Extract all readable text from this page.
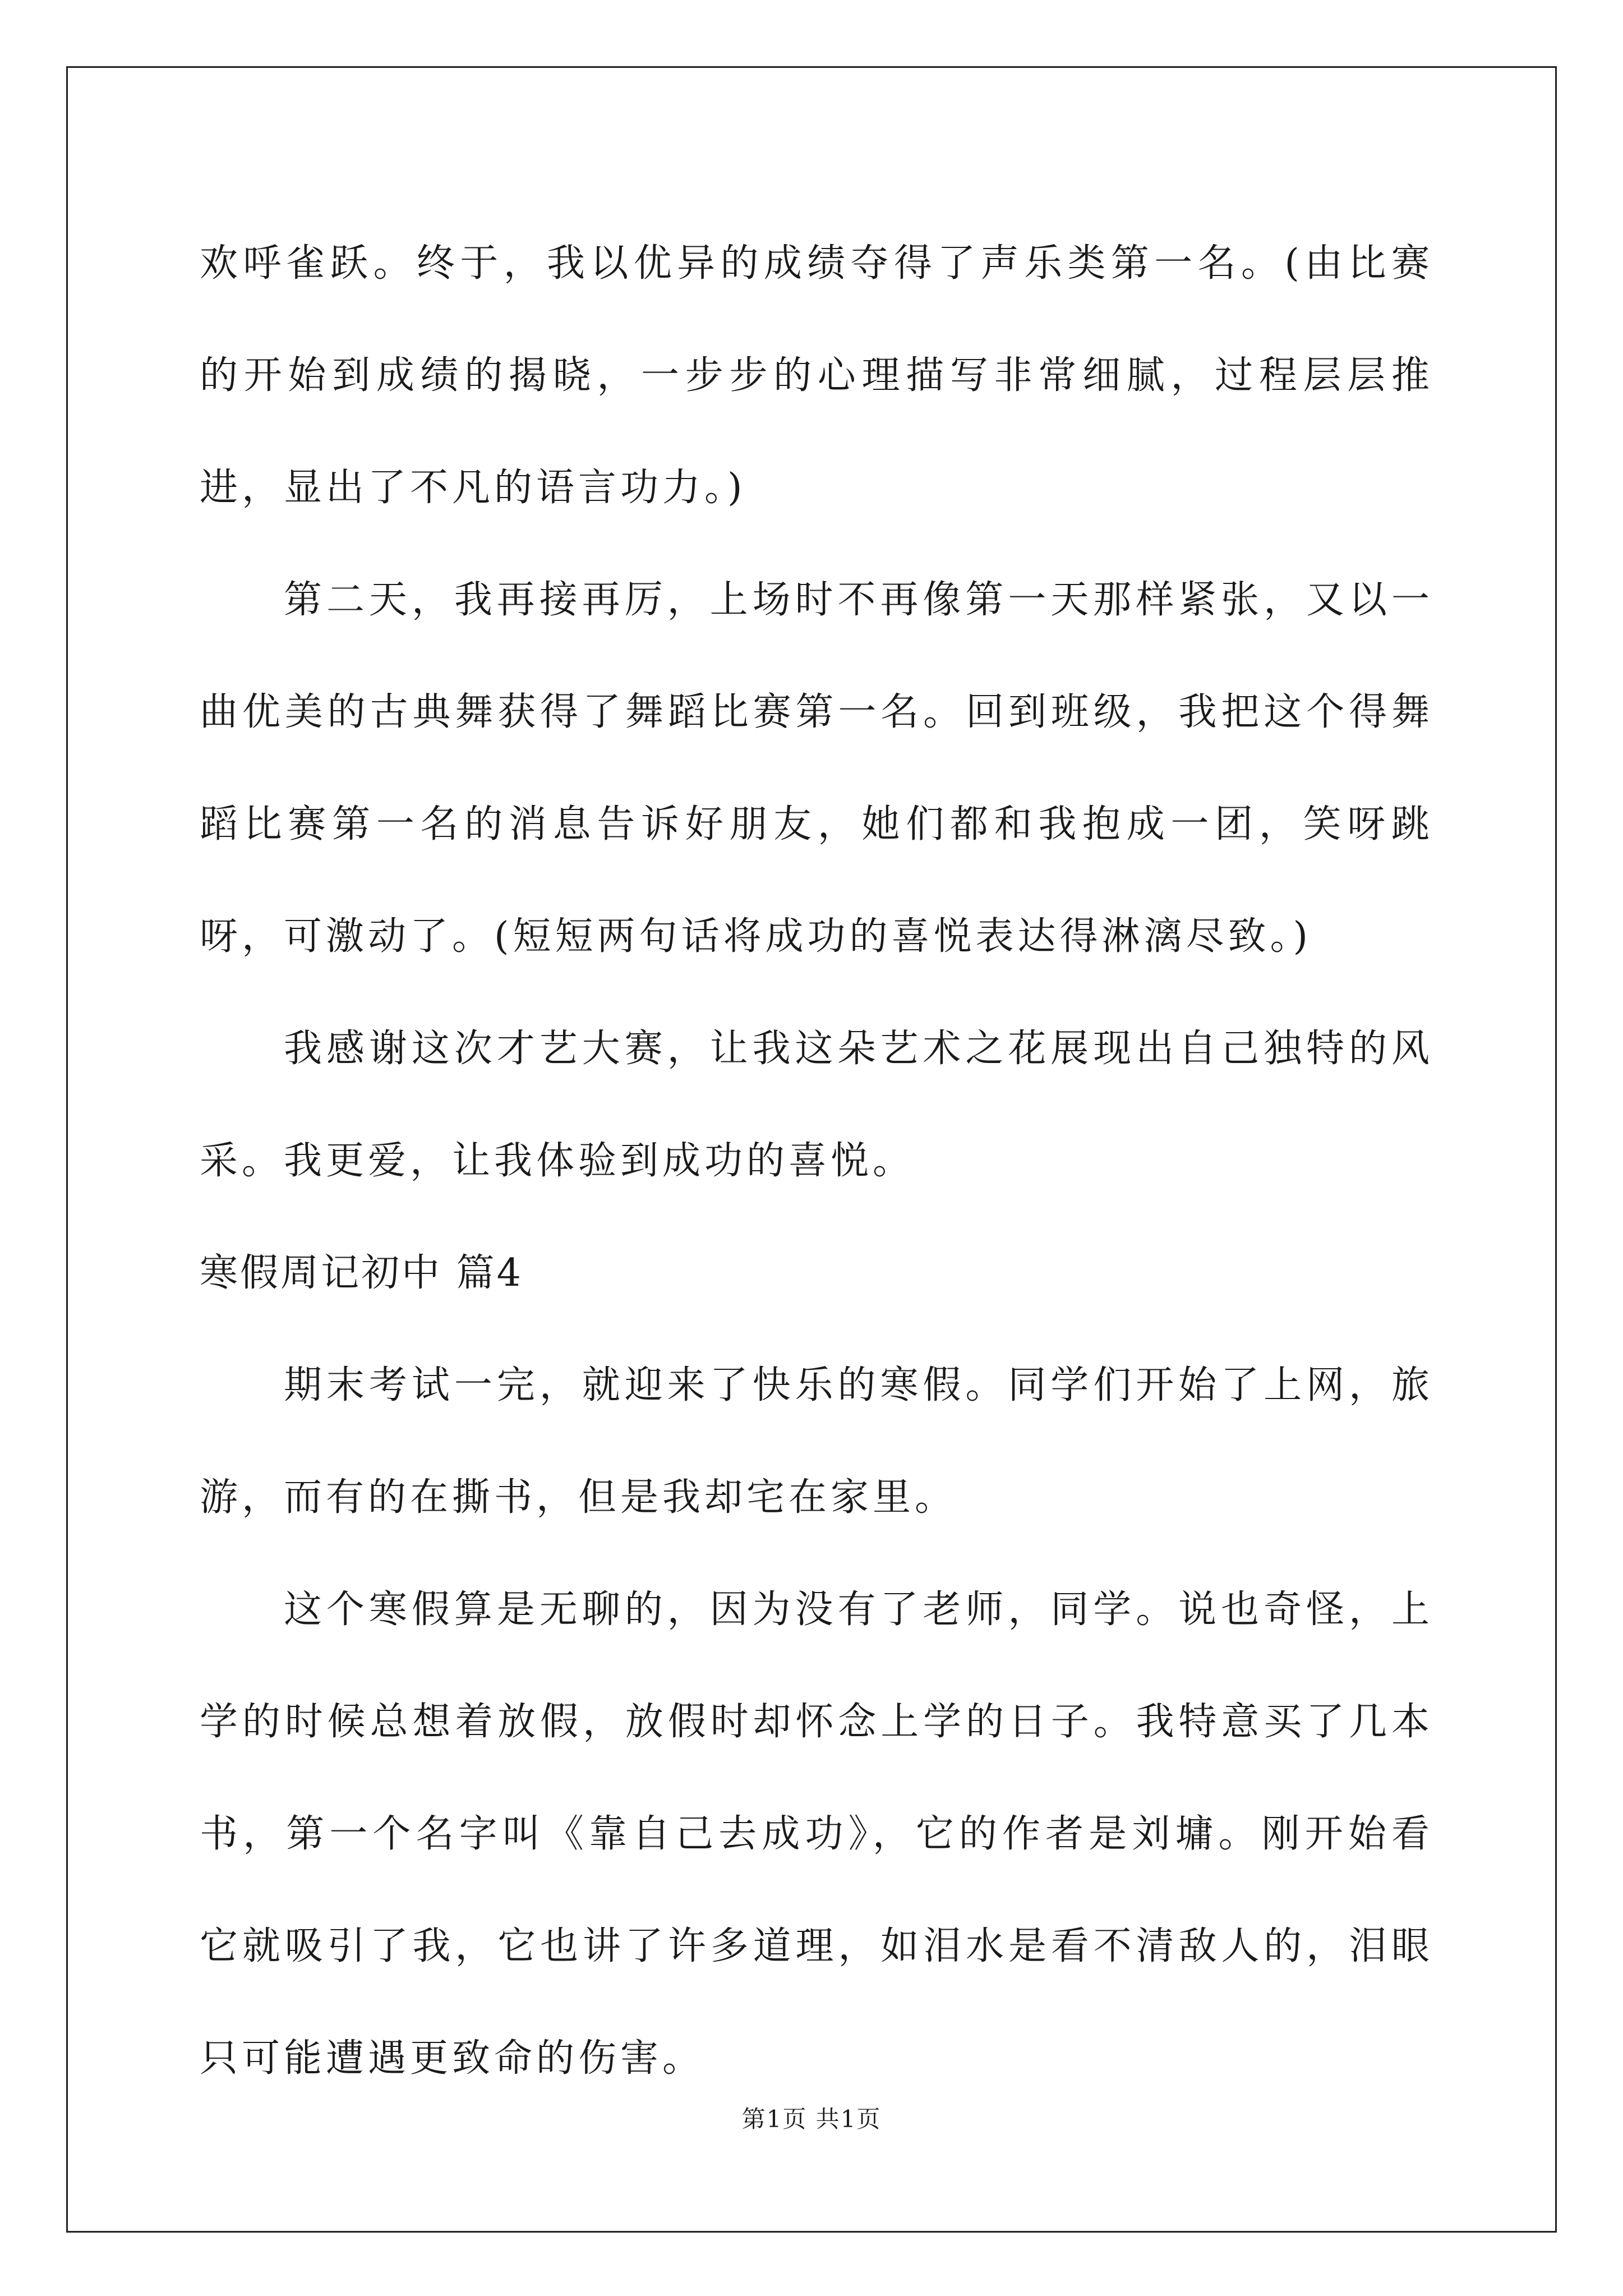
欢呼雀跃。终于，我以优异的成绩夺得了声乐类第一名。(由比赛的开始到成绩的揭晓，一步步的心理描写非常细腻，过程层层推进，显出了不凡的语言功力。)

第二天，我再接再厉，上场时不再像第一天那样紧张，又以一曲优美的古典舞获得了舞蹈比赛第一名。回到班级，我把这个得舞蹈比赛第一名的消息告诉好朋友，她们都和我抱成一团，笑呀跳呀，可激动了。(短短两句话将成功的喜悦表达得淋漓尽致。)

我感谢这次才艺大赛，让我这朵艺术之花展现出自己独特的风采。我更爱，让我体验到成功的喜悦。

寒假周记初中 篇4

期末考试一完，就迎来了快乐的寒假。同学们开始了上网，旅游，而有的在撕书，但是我却宅在家里。

这个寒假算是无聊的，因为没有了老师，同学。说也奇怪，上学的时候总想着放假，放假时却怀念上学的日子。我特意买了几本书，第一个名字叫《靠自己去成功》，它的作者是刘墉。刚开始看它就吸引了我，它也讲了许多道理，如泪水是看不清敌人的，泪眼只可能遭遇更致命的伤害。

第1页 共1页
